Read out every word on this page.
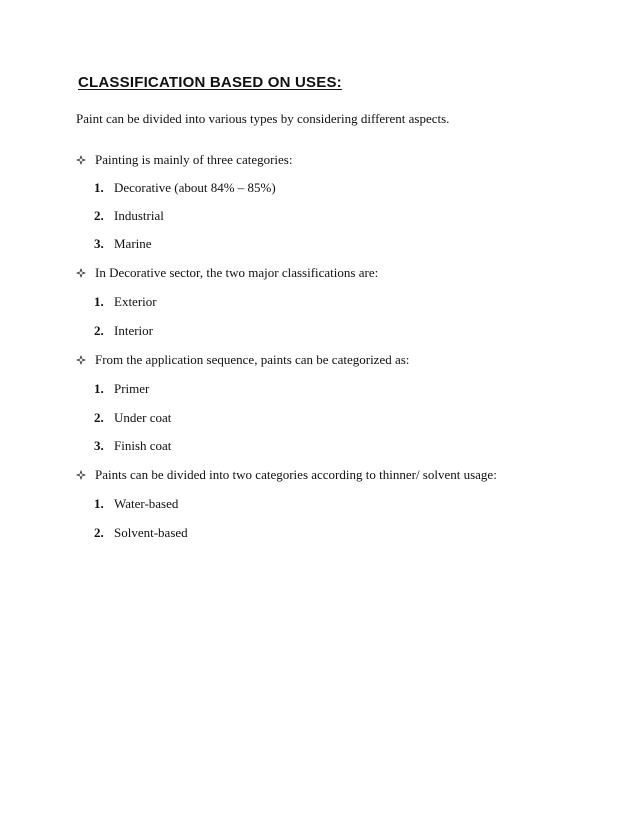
CLASSIFICATION BASED ON USES:
Paint can be divided into various types by considering different aspects.
Painting is mainly of three categories:
1. Decorative (about 84% – 85%)
2. Industrial
3. Marine
In Decorative sector, the two major classifications are:
1. Exterior
2. Interior
From the application sequence, paints can be categorized as:
1. Primer
2. Under coat
3. Finish coat
Paints can be divided into two categories according to thinner/ solvent usage:
1. Water-based
2. Solvent-based
